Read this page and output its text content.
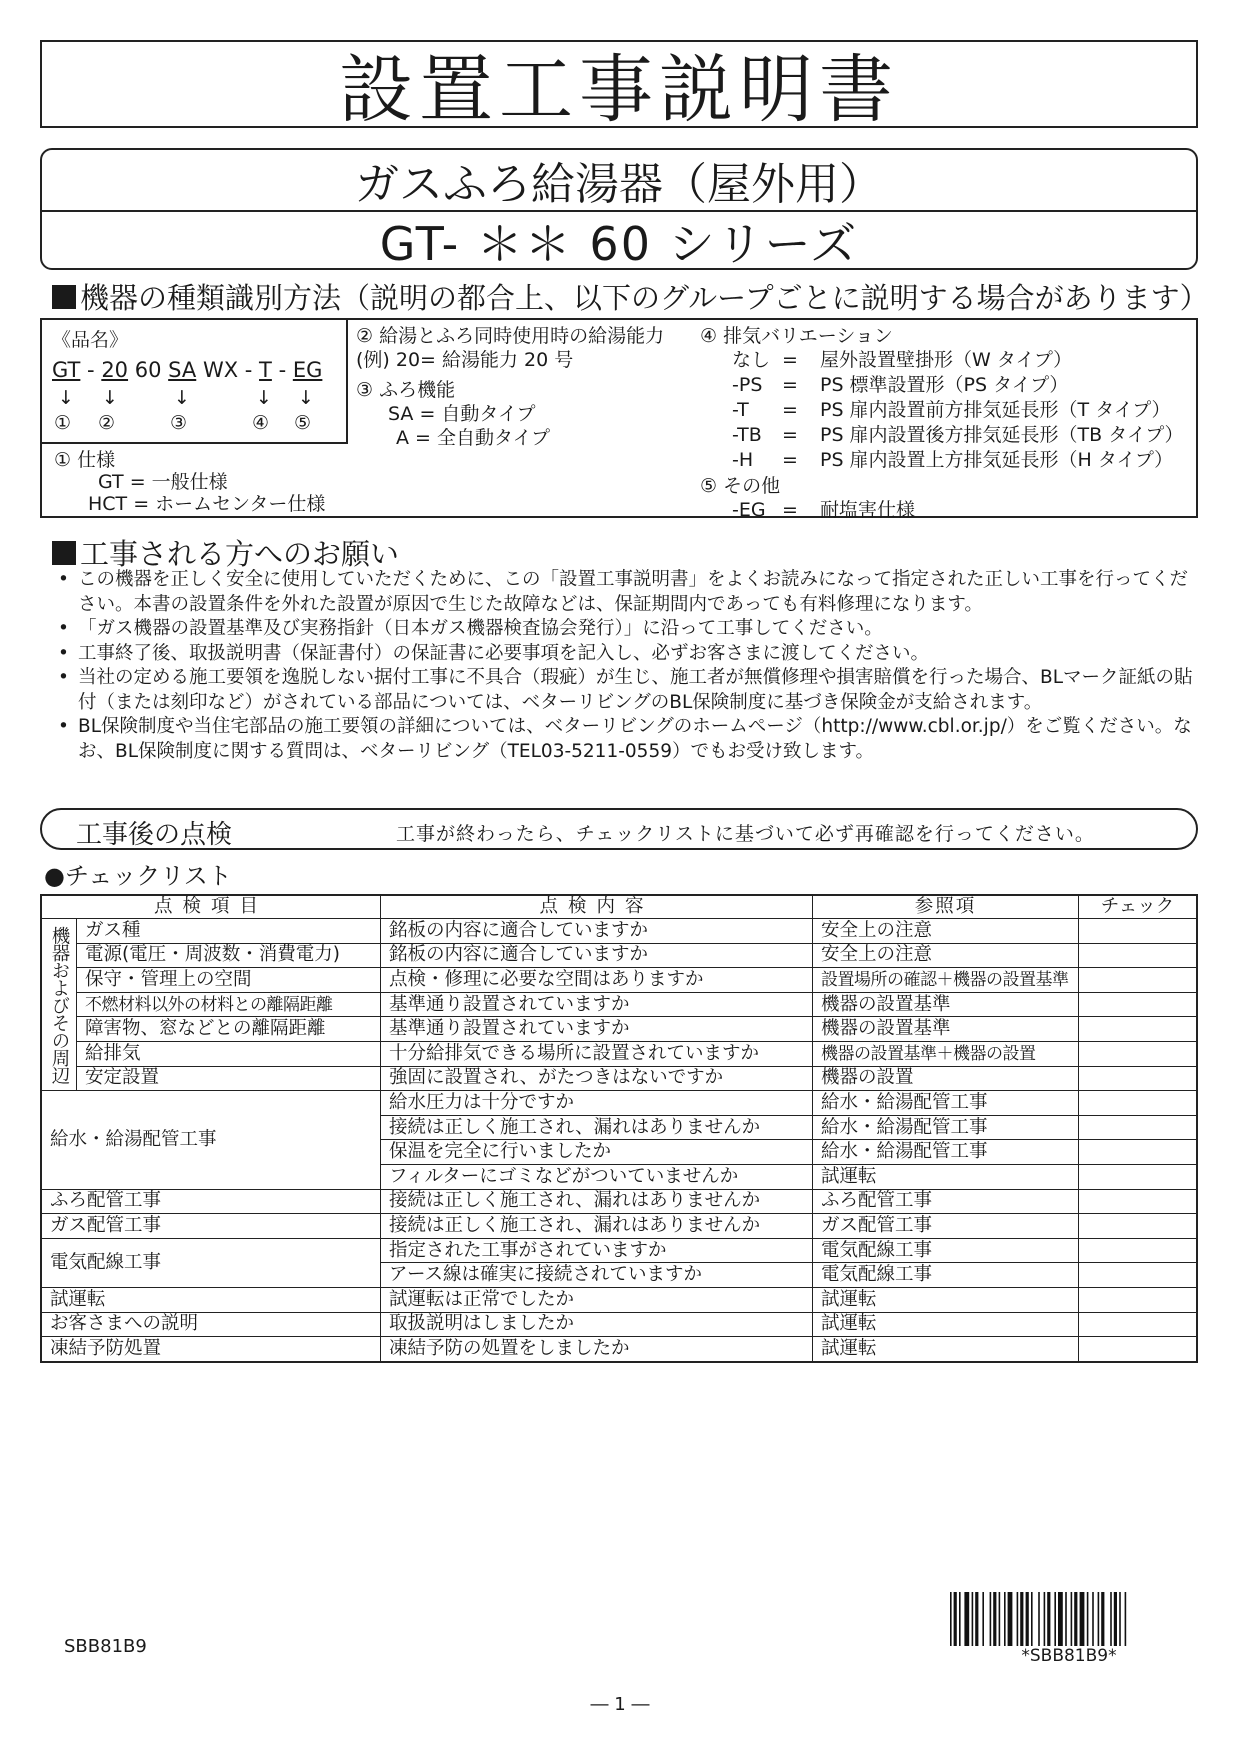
設置工事説明書
ガスふろ給湯器（屋外用）
GT- ＊＊ 60 シリーズ
機器の種類識別方法（説明の都合上、以下のグループごとに説明する場合があります）
《品名》
GT - 20 60 SA WX - T - EG
↓ ↓	↓	↓ ↓
① ②	③	④ ⑤
① 仕様
GT = 一般仕様
HCT = ホームセンター仕様
② 給湯とふろ同時使用時の給湯能力
(例) 20= 給湯能力 20 号
③ ふろ機能
SA = 自動タイプ
A = 全自動タイプ
④ 排気バリエーション
なし = 屋外設置壁掛形（W タイプ）
-PS = PS 標準設置形（PS タイプ）
-T = PS 扉内設置前方排気延長形（T タイプ）
-TB = PS 扉内設置後方排気延長形（TB タイプ）
-H = PS 扉内設置上方排気延長形（H タイプ）
⑤ その他
-EG = 耐塩害仕様
工事される方へのお願い
• この機器を正しく安全に使用していただくために、この「設置工事説明書」をよくお読みになって指定された正しい工事を行ってください。本書の設置条件を外れた設置が原因で生じた故障などは、保証期間内であっても有料修理になります。
• 「ガス機器の設置基準及び実務指針（日本ガス機器検査協会発行）」に沿って工事してください。
• 工事終了後、取扱説明書（保証書付）の保証書に必要事項を記入し、必ずお客さまに渡してください。
• 当社の定める施工要領を逸脱しない据付工事に不具合（瑕疵）が生じ、施工者が無償修理や損害賠償を行った場合、BLマーク証紙の貼付（または刻印など）がされている部品については、ベターリビングのBL保険制度に基づき保険金が支給されます。
• BL保険制度や当住宅部品の施工要領の詳細については、ベターリビングのホームページ（http://www.cbl.or.jp/）をご覧ください。なお、BL保険制度に関する質問は、ベターリビング（TEL03-5211-0559）でもお受け致します。
工事後の点検	工事が終わったら、チェックリストに基づいて必ず再確認を行ってください。
●チェックリスト
点検項目		点検内容	参照項	チェック
機器およびその周辺	ガス種	銘板の内容に適合していますか	安全上の注意	
	電源(電圧・周波数・消費電力)	銘板の内容に適合していますか	安全上の注意	
	保守・管理上の空間	点検・修理に必要な空間はありますか	設置場所の確認＋機器の設置基準	
	不燃材料以外の材料との離隔距離	基準通り設置されていますか	機器の設置基準	
	障害物、窓などとの離隔距離	基準通り設置されていますか	機器の設置基準	
	給排気	十分給排気できる場所に設置されていますか	機器の設置基準＋機器の設置	
	安定設置	強固に設置され、がたつきはないですか	機器の設置	
給水・給湯配管工事		給水圧力は十分ですか	給水・給湯配管工事	
		接続は正しく施工され、漏れはありませんか	給水・給湯配管工事	
		保温を完全に行いましたか	給水・給湯配管工事	
		フィルターにゴミなどがついていませんか	試運転	
ふろ配管工事		接続は正しく施工され、漏れはありませんか	ふろ配管工事	
ガス配管工事		接続は正しく施工され、漏れはありませんか	ガス配管工事	
電気配線工事		指定された工事がされていますか	電気配線工事	
		アース線は確実に接続されていますか	電気配線工事	
試運転		試運転は正常でしたか	試運転	
お客さまへの説明		取扱説明はしましたか	試運転	
凍結予防処置		凍結予防の処置をしましたか	試運転	
SBB81B9	*SBB81B9*
― 1 ―
